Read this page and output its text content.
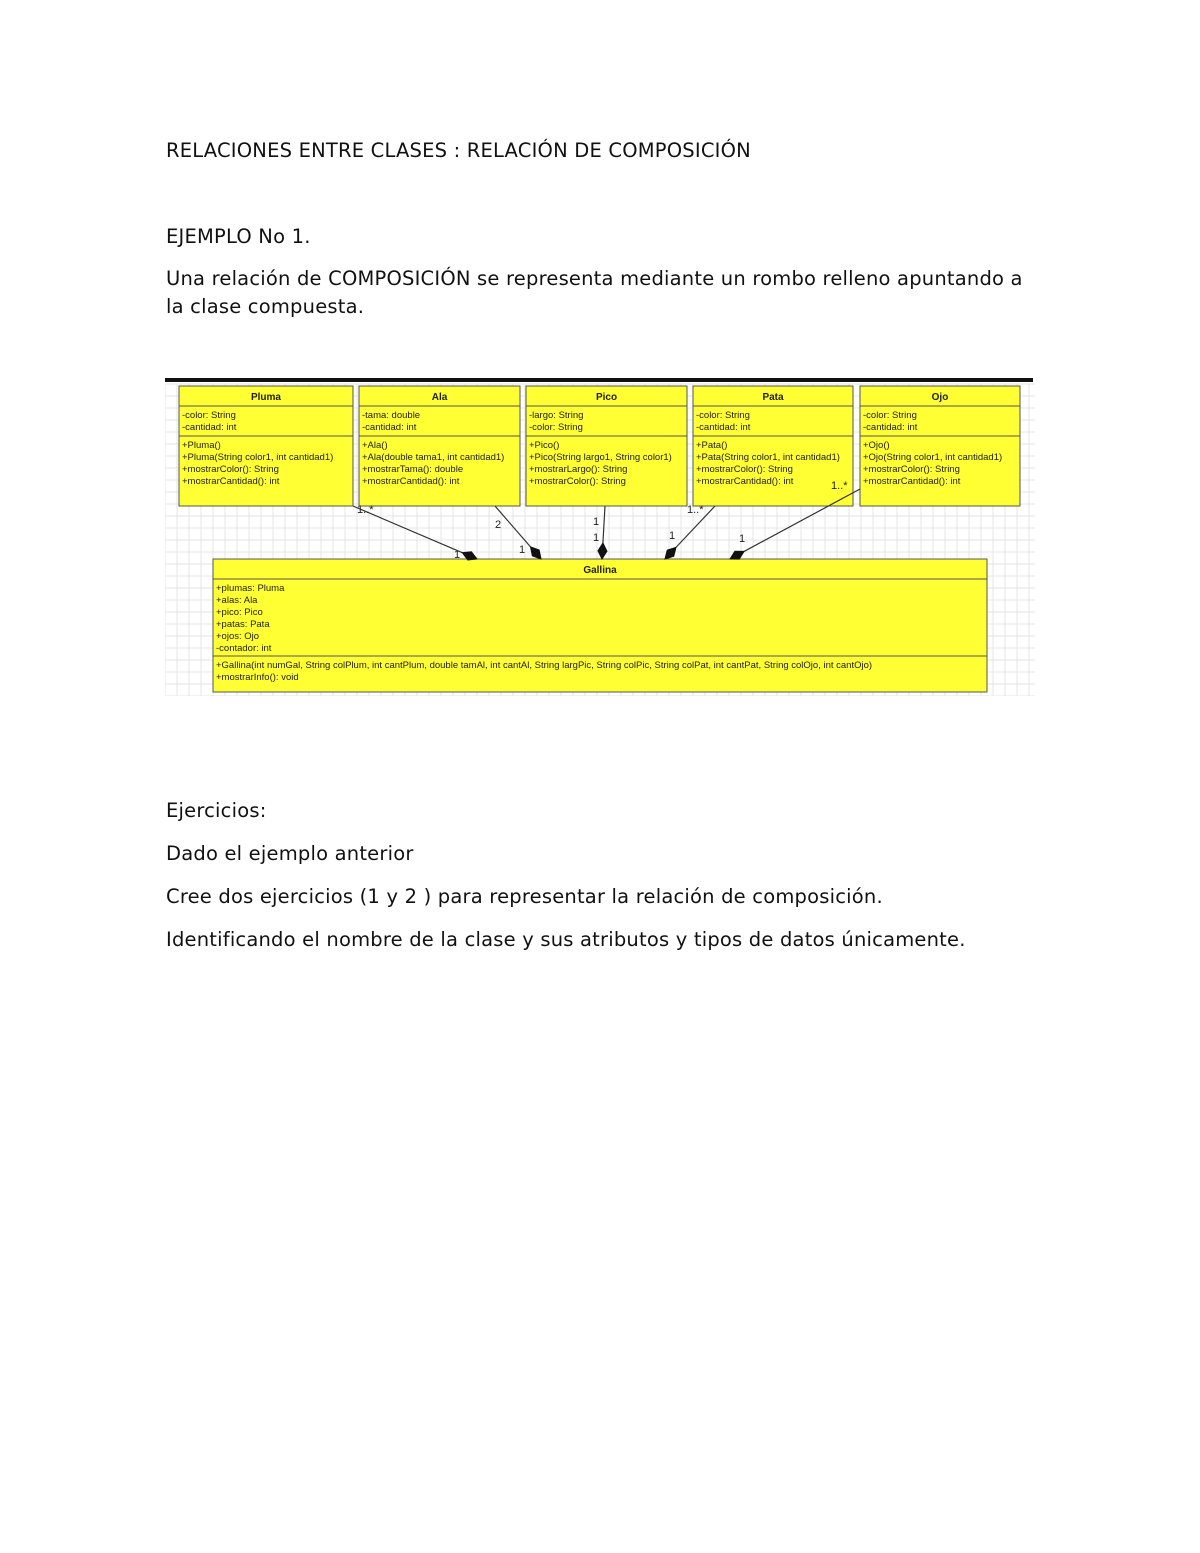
RELACIONES ENTRE CLASES : RELACIÓN DE COMPOSICIÓN

EJEMPLO No 1.

Una relación de COMPOSICIÓN se representa mediante un rombo relleno apuntando a la clase compuesta.

Pluma
-color: String
-cantidad: int
+Pluma()
+Pluma(String color1, int cantidad1)
+mostrarColor(): String
+mostrarCantidad(): int
Ala
-tama: double
-cantidad: int
+Ala()
+Ala(double tama1, int cantidad1)
+mostrarTama(): double
+mostrarCantidad(): int
Pico
-largo: String
-color: String
+Pico()
+Pico(String largo1, String color1)
+mostrarLargo(): String
+mostrarColor(): String
Pata
-color: String
-cantidad: int
+Pata()
+Pata(String color1, int cantidad1)
+mostrarColor(): String
+mostrarCantidad(): int
Ojo
-color: String
-cantidad: int
+Ojo()
+Ojo(String color1, int cantidad1)
+mostrarColor(): String
+mostrarCantidad(): int
Gallina
+plumas: Pluma
+alas: Ala
+pico: Pico
+patas: Pata
+ojos: Ojo
-contador: int
+Gallina(int numGal, String colPlum, int cantPlum, double tamAl, int cantAl, String largPic, String colPic, String colPat, int cantPat, String colOjo, int cantOjo)
+mostrarInfo(): void
1..*
1
2
1
1
1
1..*
1
1..*
1
Ejercicios:

Dado el ejemplo anterior

Cree dos ejercicios (1 y 2 ) para representar la relación de composición.

Identificando el nombre de la clase y sus atributos y tipos de datos únicamente.
